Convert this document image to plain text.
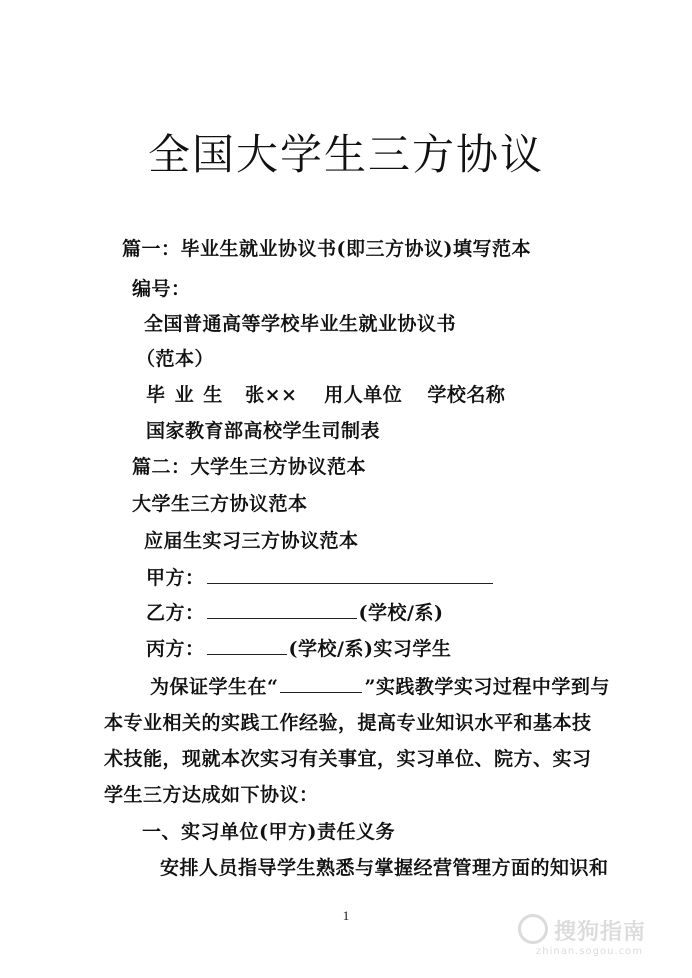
全国大学生三方协议
篇一：毕业生就业协议书(即三方协议)填写范本
编号：
全国普通高等学校毕业生就业协议书
（范本）
毕 业 生 张×× 用人单位 学校名称
国家教育部高校学生司制表
篇二：大学生三方协议范本
大学生三方协议范本
应届生实习三方协议范本
甲方：
乙方：	(学校/系)
丙方：	(学校/系)实习学生
为保证学生在“	”实践教学实习过程中学到与
本专业相关的实践工作经验，提高专业知识水平和基本技
术技能，现就本次实习有关事宜，实习单位、院方、实习
学生三方达成如下协议：
一、实习单位(甲方)责任义务
安排人员指导学生熟悉与掌握经营管理方面的知识和
1
搜狗指南
zhinan.sogou.com
